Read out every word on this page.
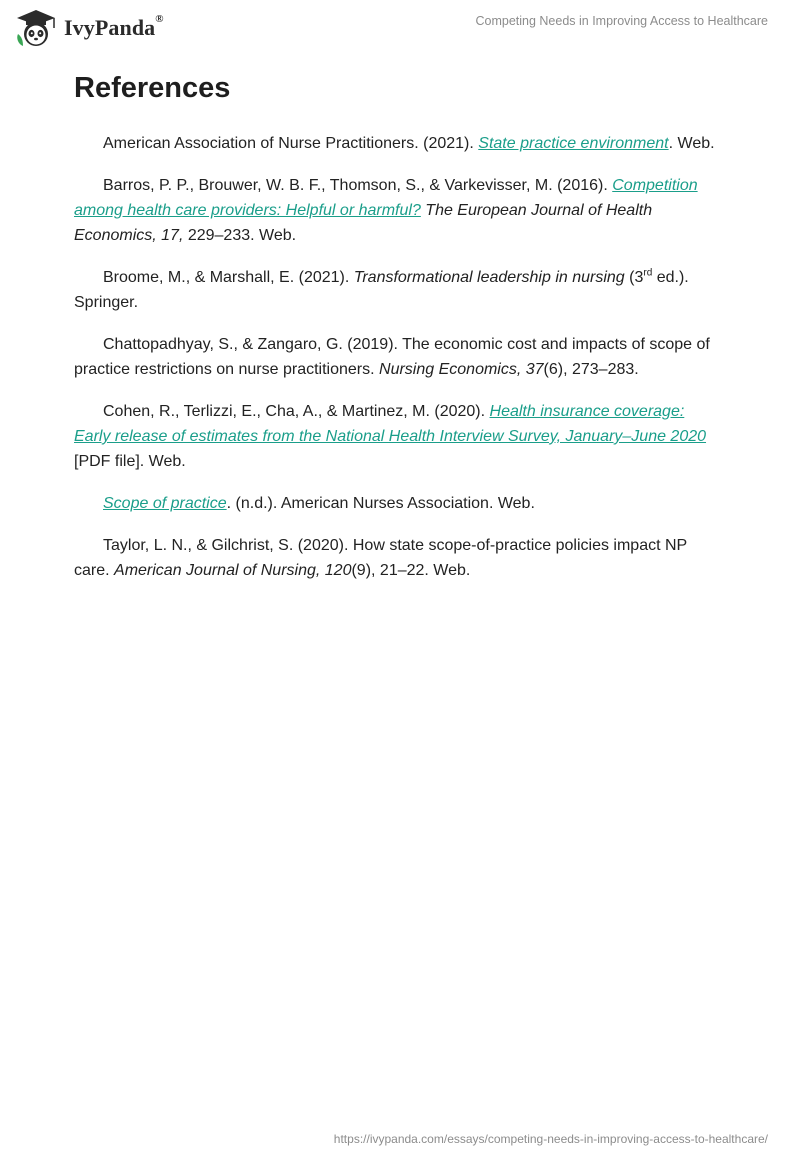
IvyPanda®	Competing Needs in Improving Access to Healthcare
References

American Association of Nurse Practitioners. (2021). State practice environment. Web.

Barros, P. P., Brouwer, W. B. F., Thomson, S., & Varkevisser, M. (2016). Competition among health care providers: Helpful or harmful? The European Journal of Health Economics, 17, 229–233. Web.

Broome, M., & Marshall, E. (2021). Transformational leadership in nursing (3rd ed.). Springer.

Chattopadhyay, S., & Zangaro, G. (2019). The economic cost and impacts of scope of practice restrictions on nurse practitioners. Nursing Economics, 37(6), 273–283.

Cohen, R., Terlizzi, E., Cha, A., & Martinez, M. (2020). Health insurance coverage: Early release of estimates from the National Health Interview Survey, January–June 2020 [PDF file]. Web.

Scope of practice. (n.d.). American Nurses Association. Web.

Taylor, L. N., & Gilchrist, S. (2020). How state scope-of-practice policies impact NP care. American Journal of Nursing, 120(9), 21–22. Web.

https://ivypanda.com/essays/competing-needs-in-improving-access-to-healthcare/
